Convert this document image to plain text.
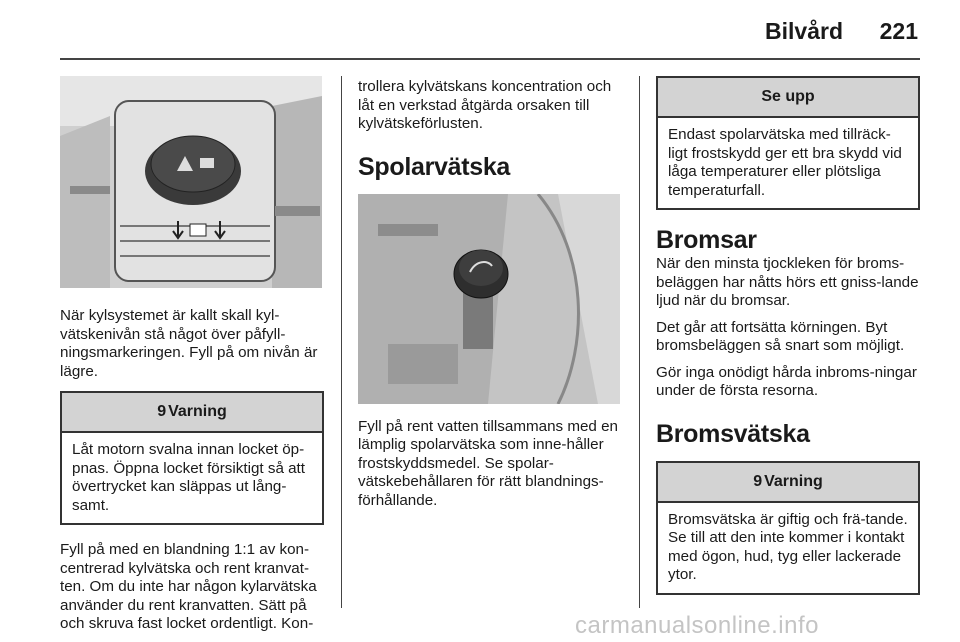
Bilvård 221

När kylsystemet är kallt skall kyl-vätskenivån stå något över påfyll-ningsmarkeringen. Fyll på om nivån är lägre.

9 Varning
Låt motorn svalna innan locket öp-pnas. Öppna locket försiktigt så att övertrycket kan släppas ut lång-samt.

Fyll på med en blandning 1:1 av kon-centrerad kylvätska och rent kranvat-ten. Om du inte har någon kylarvätska använder du rent kranvatten. Sätt på och skruva fast locket ordentligt. Kon-

trollera kylvätskans koncentration och låt en verkstad åtgärda orsaken till kylvätskeförlusten.

Spolarvätska

Fyll på rent vatten tillsammans med en lämplig spolarvätska som inne-håller frostskyddsmedel. Se spolar-vätskebehållaren för rätt blandnings-förhållande.

Se upp
Endast spolarvätska med tillräck-ligt frostskydd ger ett bra skydd vid låga temperaturer eller plötsliga temperaturfall.
Bromsar

När den minsta tjockleken för broms-beläggen har nåtts hörs ett gniss-lande ljud när du bromsar.

Det går att fortsätta körningen. Byt bromsbeläggen så snart som möjligt.

Gör inga onödigt hårda inbroms-ningar under de första resorna.

Bromsvätska
9 Varning
Bromsvätska är giftig och frä-tande. Se till att den inte kommer i kontakt med ögon, hud, tyg eller lackerade ytor.
carmanualsonline.info
